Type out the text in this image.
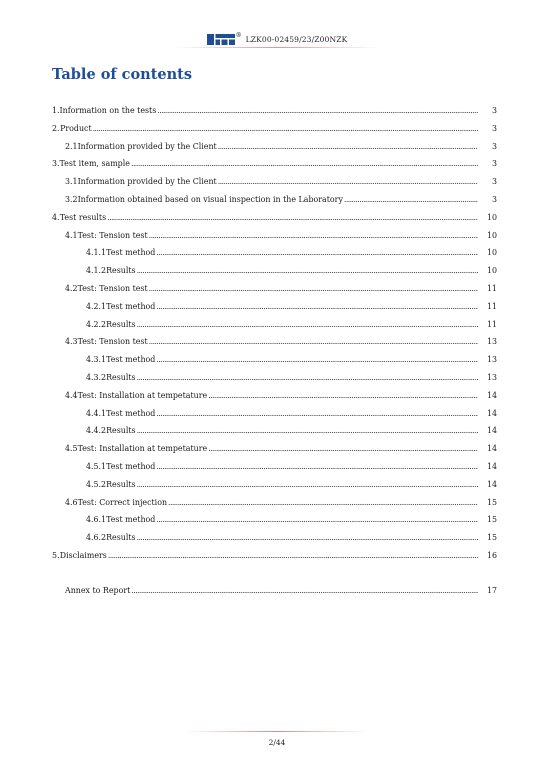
® LZK00-02459/23/Z00NZK
Table of contents
1. Information on the tests .....	3
2. Product .....	3
2.1 Information provided by the Client .....	3
3. Test item, sample .....	3
3.1 Information provided by the Client .....	3
3.2 Information obtained based on visual inspection in the Laboratory .....	3
4. Test results .....	10
4.1 Test: Tension test .....	10
4.1.1 Test method .....	10
4.1.2 Results .....	10
4.2 Test: Tension test .....	11
4.2.1 Test method .....	11
4.2.2 Results .....	11
4.3 Test: Tension test .....	13
4.3.1 Test method .....	13
4.3.2 Results .....	13
4.4 Test: Installation at tempetature .....	14
4.4.1 Test method .....	14
4.4.2 Results .....	14
4.5 Test: Installation at tempetature .....	14
4.5.1 Test method .....	14
4.5.2 Results .....	14
4.6 Test: Correct injection .....	15
4.6.1 Test method .....	15
4.6.2 Results .....	15
5. Disclaimers .....	16
Annex to Report .....	17
2/44
